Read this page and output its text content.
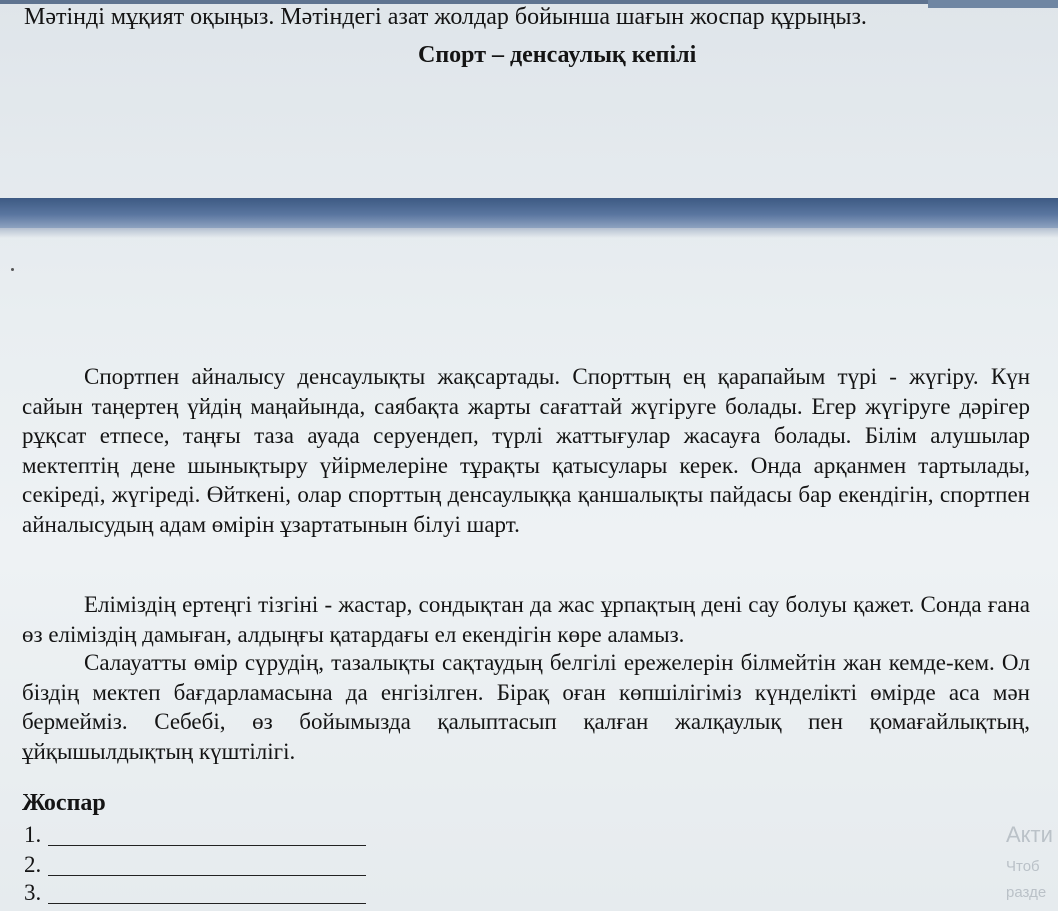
Мәтінді мұқият оқыңыз. Мәтіндегі азат жолдар бойынша шағын жоспар құрыңыз.
Спорт – денсаулық кепілі

Спортпен айналысу денсаулықты жақсартады. Спорттың ең қарапайым түрі - жүгіру. Күн сайын таңертең үйдің маңайында, саябақта жарты сағаттай жүгіруге болады. Егер жүгіруге дәрігер рұқсат етпесе, таңғы таза ауада серуендеп, түрлі жаттығулар жасауға болады. Білім алушылар мектептің дене шынықтыру үйірмелеріне тұрақты қатысулары керек. Онда арқанмен тартылады, секіреді, жүгіреді. Өйткені, олар спорттың денсаулыққа қаншалықты пайдасы бар екендігін, спортпен айналысудың адам өмірін ұзартатынын білуі шарт.

Еліміздің ертеңгі тізгіні - жастар, сондықтан да жас ұрпақтың дені сау болуы қажет. Сонда ғана өз еліміздің дамыған, алдыңғы қатардағы ел екендігін көре аламыз.

Салауатты өмір сүрудің, тазалықты сақтаудың белгілі ережелерін білмейтін жан кемде-кем. Ол біздің мектеп бағдарламасына да енгізілген. Бірақ оған көпшілігіміз күнделікті өмірде аса мән бермейміз. Себебі, өз бойымызда қалыптасып қалған жалқаулық пен қомағайлықтың, ұйқышылдықтың күштілігі.

Жоспар
1.
2.
3.
Акти
Чтоб
разде
